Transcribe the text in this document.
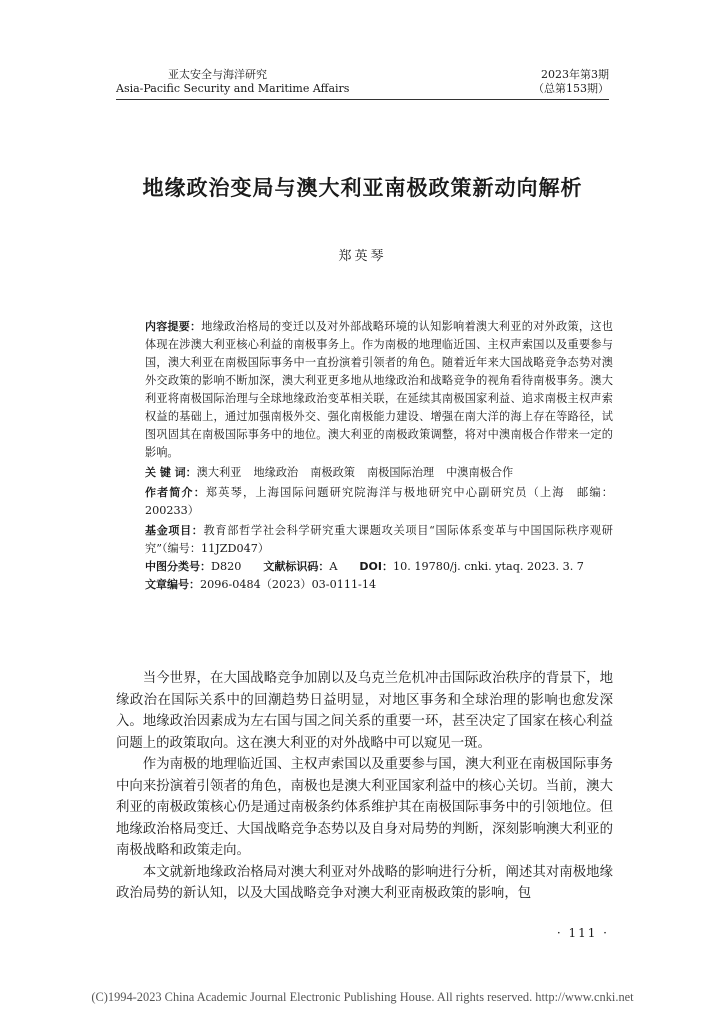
亚太安全与海洋研究
Asia-Pacific Security and Maritime Affairs
2023年第3期
（总第153期）
地缘政治变局与澳大利亚南极政策新动向解析
郑英琴

内容提要：地缘政治格局的变迁以及对外部战略环境的认知影响着澳大利亚的对外政策，这也体现在涉澳大利亚核心利益的南极事务上。作为南极的地理临近国、主权声索国以及重要参与国，澳大利亚在南极国际事务中一直扮演着引领者的角色。随着近年来大国战略竞争态势对澳外交政策的影响不断加深，澳大利亚更多地从地缘政治和战略竞争的视角看待南极事务。澳大利亚将南极国际治理与全球地缘政治变革相关联，在延续其南极国家利益、追求南极主权声索权益的基础上，通过加强南极外交、强化南极能力建设、增强在南大洋的海上存在等路径，试图巩固其在南极国际事务中的地位。澳大利亚的南极政策调整，将对中澳南极合作带来一定的影响。

关 键 词：澳大利亚 地缘政治 南极政策 南极国际治理 中澳南极合作

作者简介：郑英琴，上海国际问题研究院海洋与极地研究中心副研究员（上海　邮编：200233）

基金项目：教育部哲学社会科学研究重大课题攻关项目“国际体系变革与中国国际秩序观研究”（编号：11JZD047）

中图分类号：D820 文献标识码：A DOI：10. 19780/j. cnki. ytaq. 2023. 3. 7

文章编号：2096-0484（2023）03-0111-14

当今世界，在大国战略竞争加剧以及乌克兰危机冲击国际政治秩序的背景下，地缘政治在国际关系中的回潮趋势日益明显，对地区事务和全球治理的影响也愈发深入。地缘政治因素成为左右国与国之间关系的重要一环，甚至决定了国家在核心利益问题上的政策取向。这在澳大利亚的对外战略中可以窥见一斑。

作为南极的地理临近国、主权声索国以及重要参与国，澳大利亚在南极国际事务中向来扮演着引领者的角色，南极也是澳大利亚国家利益中的核心关切。当前，澳大利亚的南极政策核心仍是通过南极条约体系维护其在南极国际事务中的引领地位。但地缘政治格局变迁、大国战略竞争态势以及自身对局势的判断，深刻影响澳大利亚的南极战略和政策走向。

本文就新地缘政治格局对澳大利亚对外战略的影响进行分析，阐述其对南极地缘政治局势的新认知，以及大国战略竞争对澳大利亚南极政策的影响，包

· 111 ·
(C)1994-2023 China Academic Journal Electronic Publishing House. All rights reserved. http://www.cnki.net
